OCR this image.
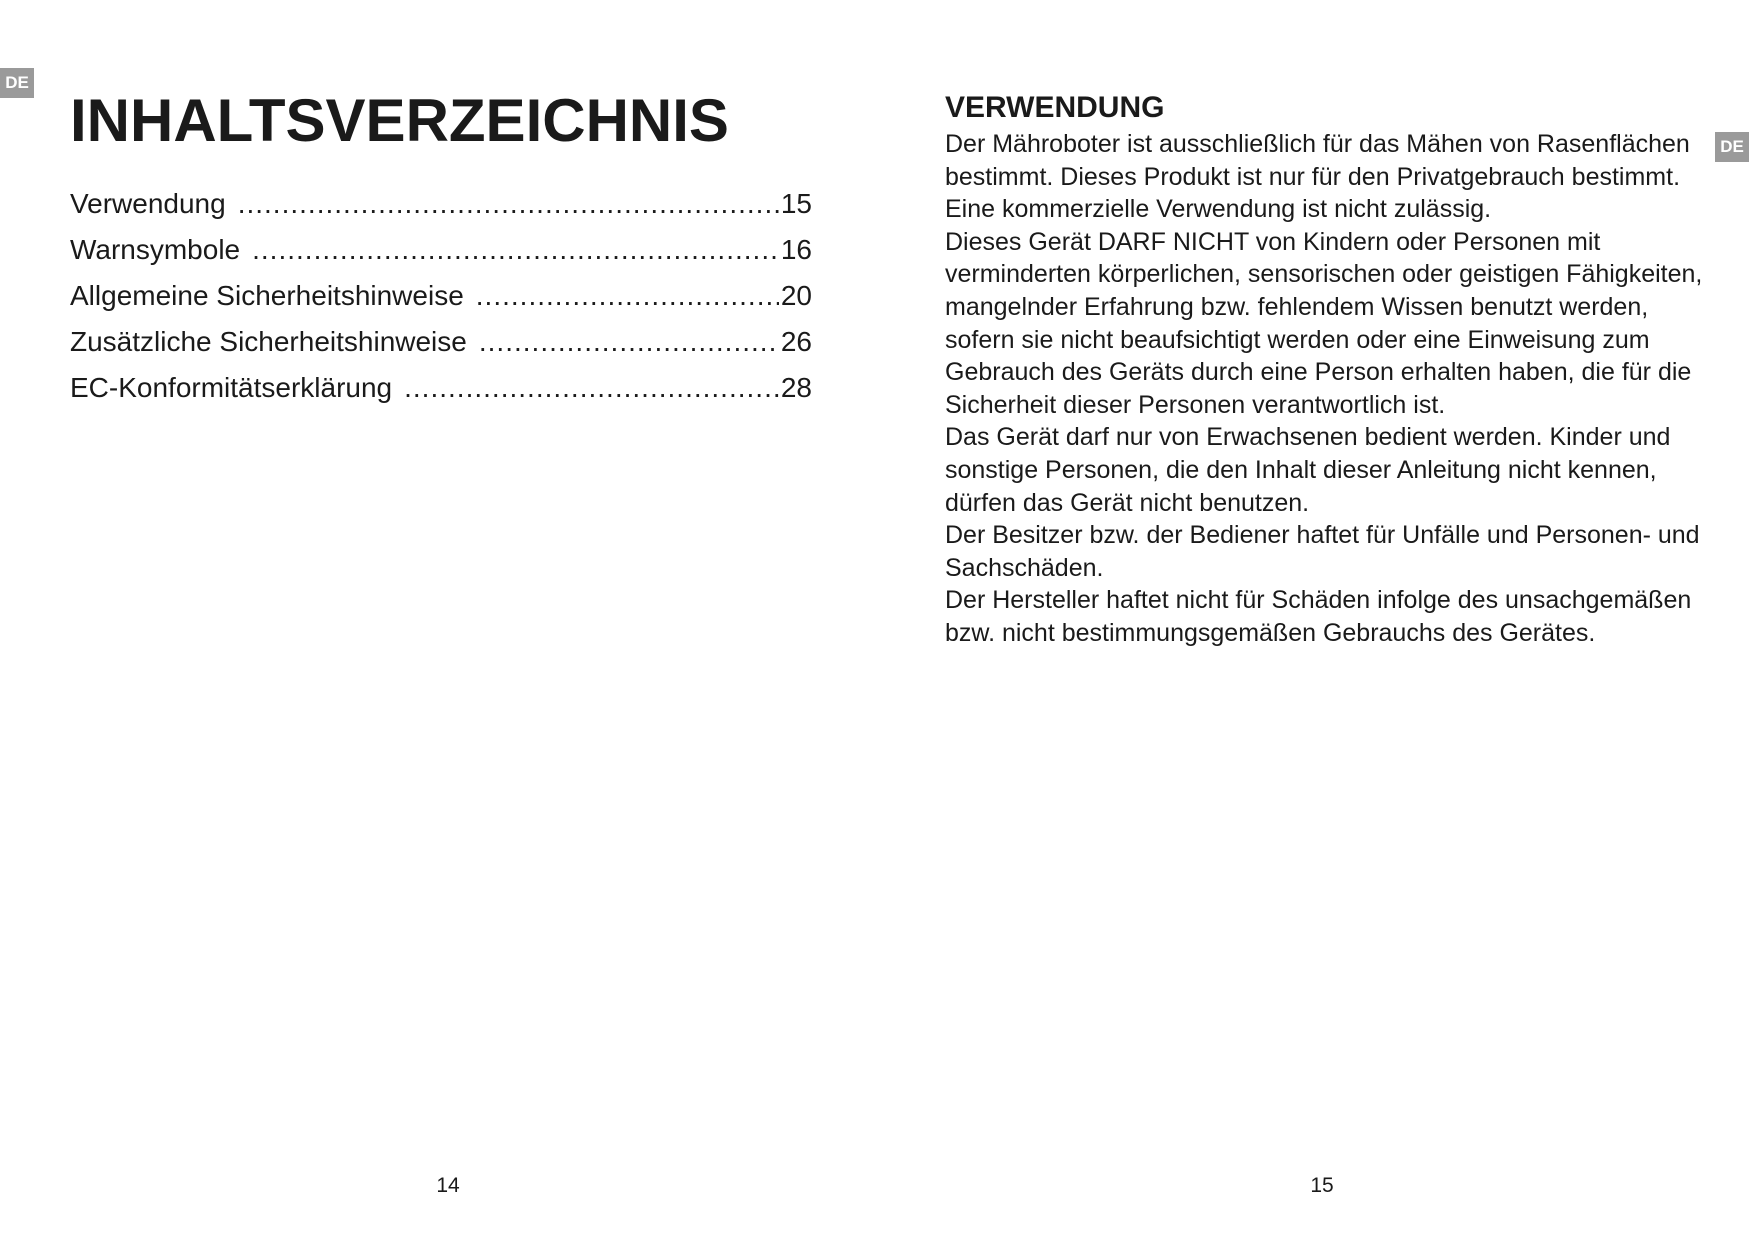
DE
DE
INHALTSVERZEICHNIS
Verwendung .....	15
Warnsymbole .....	16
Allgemeine Sicherheitshinweise .....	20
Zusätzliche Sicherheitshinweise .....	26
EC-Konformitätserklärung .....	28
14
VERWENDUNG

Der Mähroboter ist ausschließlich für das Mähen von Rasenflächen bestimmt. Dieses Produkt ist nur für den Privatgebrauch bestimmt. Eine kommerzielle Verwendung ist nicht zulässig.

Dieses Gerät DARF NICHT von Kindern oder Personen mit verminderten körperlichen, sensorischen oder geistigen Fähigkeiten, mangelnder Erfahrung bzw. fehlendem Wissen benutzt werden, sofern sie nicht beaufsichtigt werden oder eine Einweisung zum Gebrauch des Geräts durch eine Person erhalten haben, die für die Sicherheit dieser Personen verantwortlich ist.

Das Gerät darf nur von Erwachsenen bedient werden. Kinder und sonstige Personen, die den Inhalt dieser Anleitung nicht kennen, dürfen das Gerät nicht benutzen.

Der Besitzer bzw. der Bediener haftet für Unfälle und Personen- und Sachschäden.

Der Hersteller haftet nicht für Schäden infolge des unsachgemäßen bzw. nicht bestimmungsgemäßen Gebrauchs des Gerätes.

15
